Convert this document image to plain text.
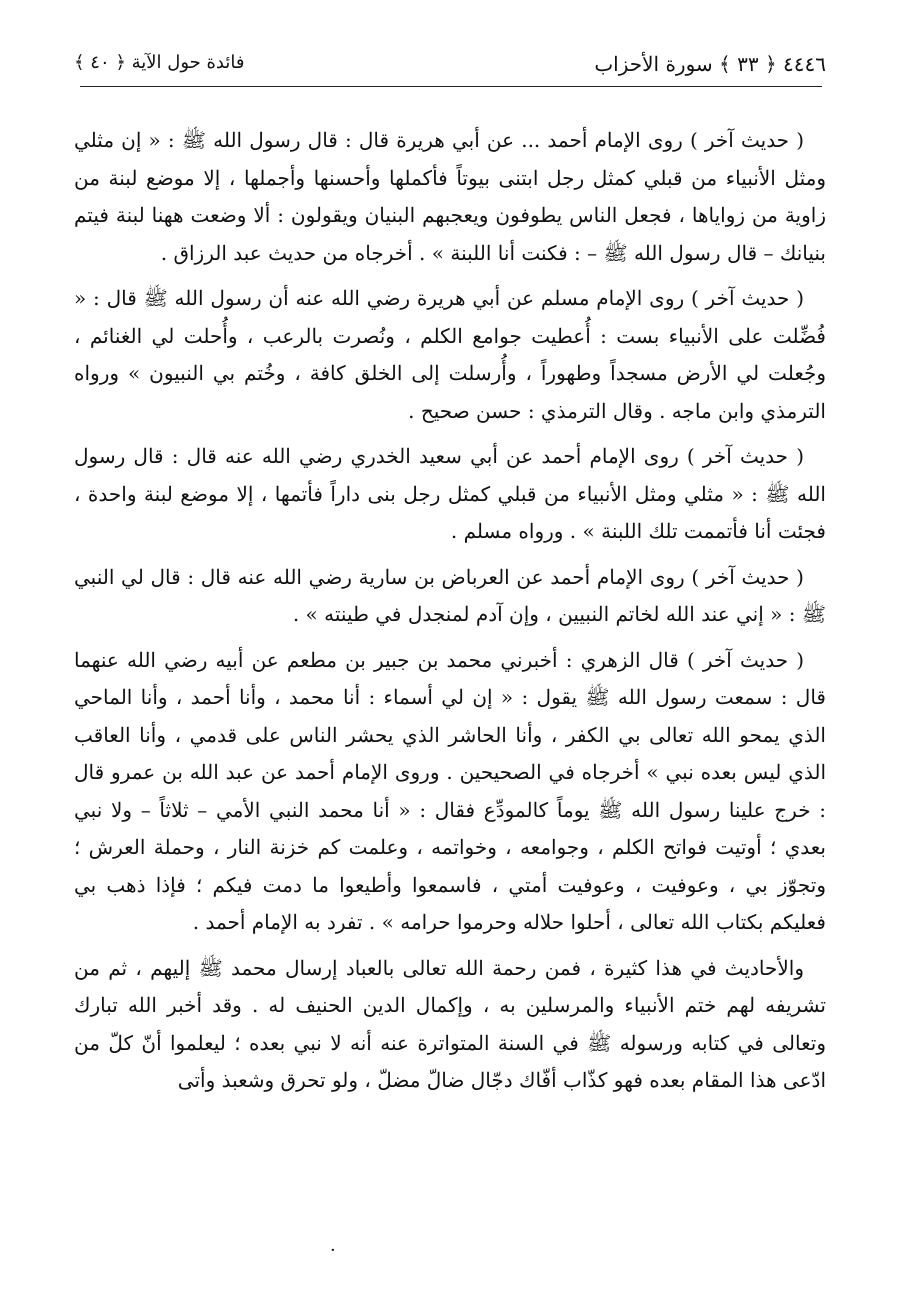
٤٤٤٦ ﴿ ٣٣ ﴾ سورة الأحزاب
فائدة حول الآية ﴿ ٤٠ ﴾

( حديث آخر ) روى الإمام أحمد ... عن أبي هريرة قال : قال رسول الله ﷺ : « إن مثلي ومثل الأنبياء من قبلي كمثل رجل ابتنى بيوتاً فأكملها وأحسنها وأجملها ، إلا موضع لبنة من زاوية من زواياها ، فجعل الناس يطوفون ويعجبهم البنيان ويقولون : ألا وضعت ههنا لبنة فيتم بنيانك – قال رسول الله ﷺ – : فكنت أنا اللبنة » . أخرجاه من حديث عبد الرزاق .

( حديث آخر ) روى الإمام مسلم عن أبي هريرة رضي الله عنه أن رسول الله ﷺ قال : « فُضِّلت على الأنبياء بست : أُعطيت جوامع الكلم ، ونُصرت بالرعب ، وأُحلت لي الغنائم ، وجُعلت لي الأرض مسجداً وطهوراً ، وأُرسلت إلى الخلق كافة ، وخُتم بي النبيون » ورواه الترمذي وابن ماجه . وقال الترمذي : حسن صحيح .

( حديث آخر ) روى الإمام أحمد عن أبي سعيد الخدري رضي الله عنه قال : قال رسول الله ﷺ : « مثلي ومثل الأنبياء من قبلي كمثل رجل بنى داراً فأتمها ، إلا موضع لبنة واحدة ، فجئت أنا فأتممت تلك اللبنة » . ورواه مسلم .

( حديث آخر ) روى الإمام أحمد عن العرباض بن سارية رضي الله عنه قال : قال لي النبي ﷺ : « إني عند الله لخاتم النبيين ، وإن آدم لمنجدل في طينته » .

( حديث آخر ) قال الزهري : أخبرني محمد بن جبير بن مطعم عن أبيه رضي الله عنهما قال : سمعت رسول الله ﷺ يقول : « إن لي أسماء : أنا محمد ، وأنا أحمد ، وأنا الماحي الذي يمحو الله تعالى بي الكفر ، وأنا الحاشر الذي يحشر الناس على قدمي ، وأنا العاقب الذي ليس بعده نبي » أخرجاه في الصحيحين . وروى الإمام أحمد عن عبد الله بن عمرو قال : خرج علينا رسول الله ﷺ يوماً كالمودِّع فقال : « أنا محمد النبي الأمي – ثلاثاً – ولا نبي بعدي ؛ أوتيت فواتح الكلم ، وجوامعه ، وخواتمه ، وعلمت كم خزنة النار ، وحملة العرش ؛ وتجوّز بي ، وعوفيت ، وعوفيت أمتي ، فاسمعوا وأطيعوا ما دمت فيكم ؛ فإذا ذهب بي فعليكم بكتاب الله تعالى ، أحلوا حلاله وحرموا حرامه » . تفرد به الإمام أحمد .

والأحاديث في هذا كثيرة ، فمن رحمة الله تعالى بالعباد إرسال محمد ﷺ إليهم ، ثم من تشريفه لهم ختم الأنبياء والمرسلين به ، وإكمال الدين الحنيف له . وقد أخبر الله تبارك وتعالى في كتابه ورسوله ﷺ في السنة المتواترة عنه أنه لا نبي بعده ؛ ليعلموا أنّ كلّ من ادّعى هذا المقام بعده فهو كذّاب أفّاك دجّال ضالّ مضلّ ، ولو تحرق وشعبذ وأتى

·
